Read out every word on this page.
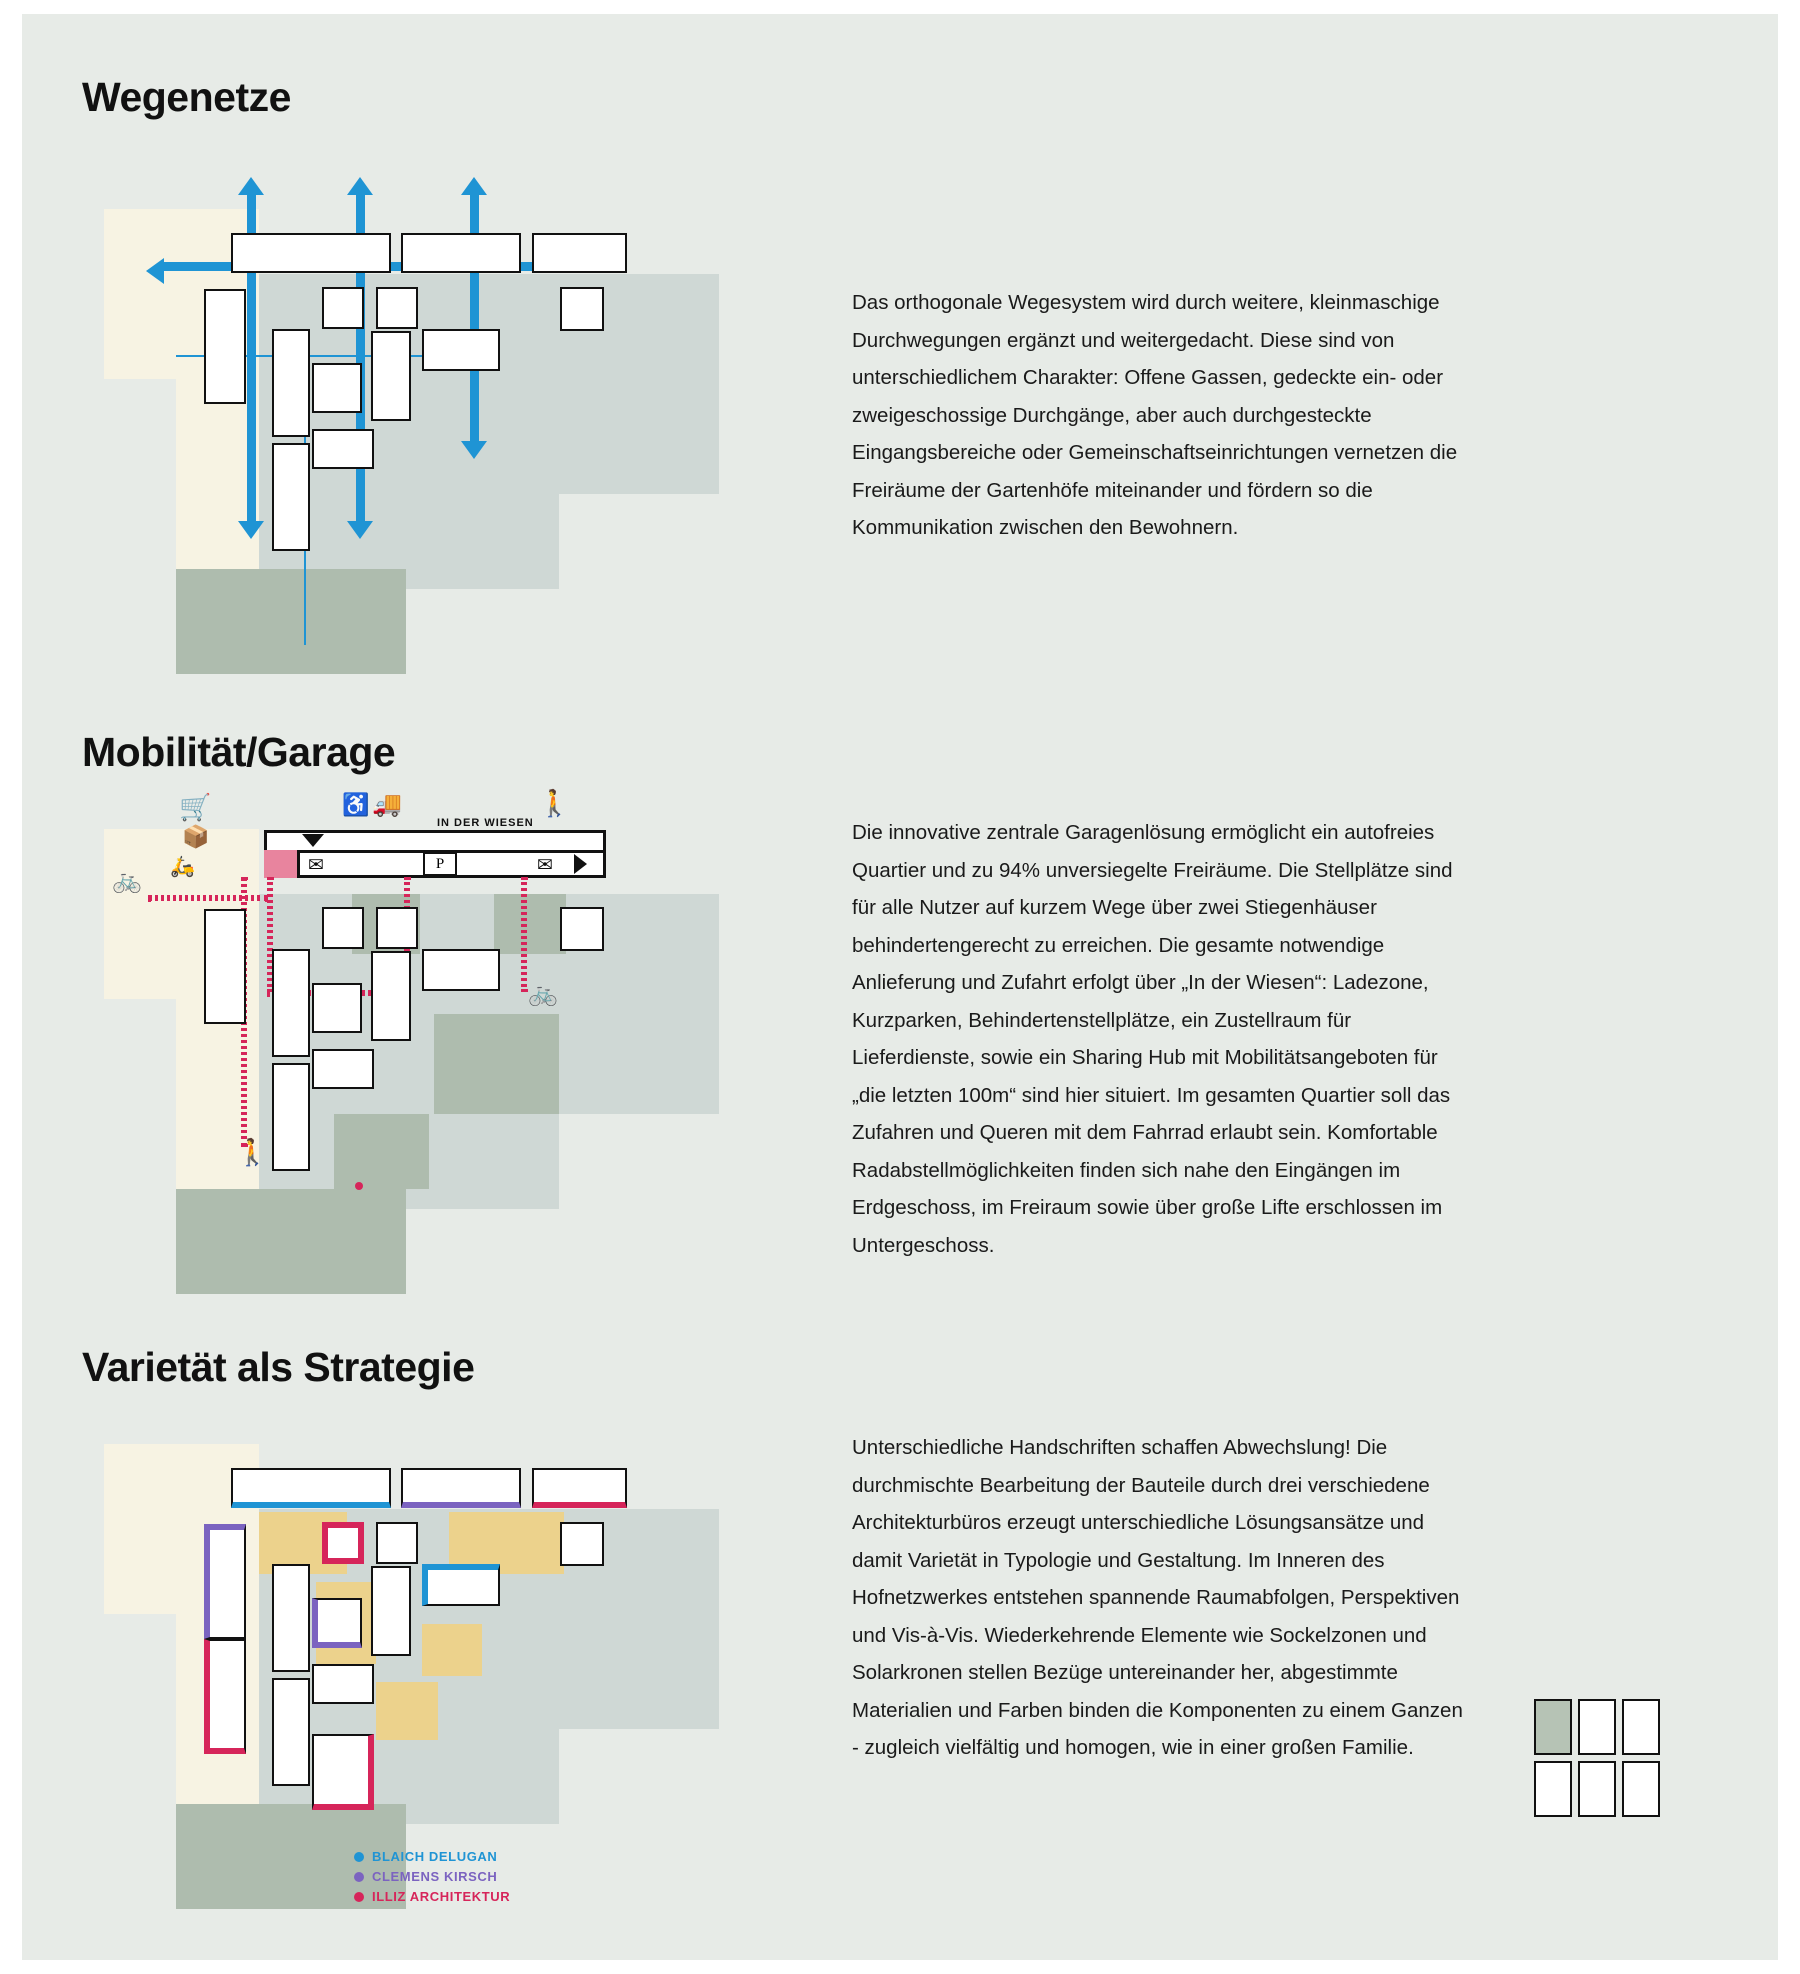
Wegenetze
Das orthogonale Wegesystem wird durch weitere, kleinmaschige Durchwegungen ergänzt und weitergedacht. Diese sind von unterschiedlichem Charakter: Offene Gassen, gedeckte ein- oder zweigeschossige Durchgänge, aber auch durchgesteckte Eingangsbereiche oder Gemeinschaftseinrichtungen vernetzen die Freiräume der Gartenhöfe miteinander und fördern so die Kommunikation zwischen den Bewohnern.
Mobilität/Garage
P
IN DER WIESEN
✉	✉
🛒
📦
🛵
♿ 🚚	🚶
🚲
🚲
🚶
Die innovative zentrale Garagenlösung ermöglicht ein autofreies Quartier und zu 94% unversiegelte Freiräume. Die Stellplätze sind für alle Nutzer auf kurzem Wege über zwei Stiegenhäuser behindertengerecht zu erreichen. Die gesamte notwendige Anlieferung und Zufahrt erfolgt über „In der Wiesen“: Ladezone, Kurzparken, Behindertenstellplätze, ein Zustellraum für Lieferdienste, sowie ein Sharing Hub mit Mobilitätsangeboten für „die letzten 100m“ sind hier situiert. Im gesamten Quartier soll das Zufahren und Queren mit dem Fahrrad erlaubt sein. Komfortable Radabstellmöglichkeiten finden sich nahe den Eingängen im Erdgeschoss, im Freiraum sowie über große Lifte erschlossen im Untergeschoss.
Varietät als Strategie
BLAICH DELUGAN
CLEMENS KIRSCH
ILLIZ ARCHITEKTUR
Unterschiedliche Handschriften schaffen Abwechslung! Die durchmischte Bearbeitung der Bauteile durch drei verschiedene Architekturbüros erzeugt unterschiedliche Lösungsansätze und damit Varietät in Typologie und Gestaltung. Im Inneren des Hofnetzwerkes entstehen spannende Raumabfolgen, Perspektiven und Vis-à-Vis. Wiederkehrende Elemente wie Sockelzonen und Solarkronen stellen Bezüge untereinander her, abgestimmte Materialien und Farben binden die Komponenten zu einem Ganzen - zugleich vielfältig und homogen, wie in einer großen Familie.
